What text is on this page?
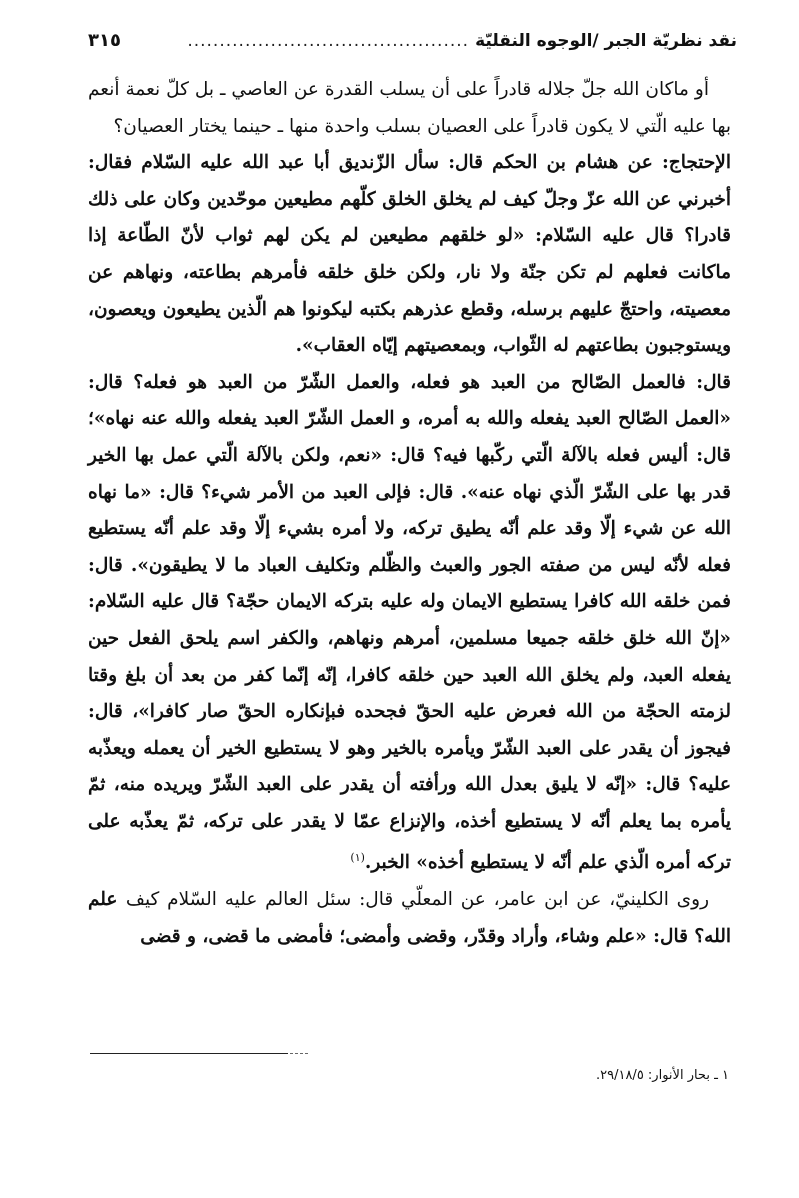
نقد نظريّة الجبر /الوجوه النقليّة
............................................
٣١٥

أو ماكان الله جلّ جلاله قادراً على أن يسلب القدرة عن العاصي ـ بل كلّ نعمة أنعم بها عليه الّتي لا يكون قادراً على العصيان بسلب واحدة منها ـ حينما يختار العصيان؟

الإحتجاج: عن هشام بن الحكم قال: سأل الزّنديق أبا عبد الله عليه السّلام فقال: أخبرني عن الله عزّ وجلّ كيف لم يخلق الخلق كلّهم مطيعين موحّدين وكان على ذلك قادرا؟ قال عليه السّلام: «لو خلقهم مطيعين لم يكن لهم ثواب لأنّ الطّاعة إذا ماكانت فعلهم لم تكن جنّة ولا نار، ولكن خلق خلقه فأمرهم بطاعته، ونهاهم عن معصيته، واحتجّ عليهم برسله، وقطع عذرهم بكتبه ليكونوا هم الّذين يطيعون ويعصون، ويستوجبون بطاعتهم له الثّواب، وبمعصيتهم إيّاه العقاب».

قال: فالعمل الصّالح من العبد هو فعله، والعمل الشّرّ من العبد هو فعله؟ قال: «العمل الصّالح العبد يفعله والله به أمره، و العمل الشّرّ العبد يفعله والله عنه نهاه»؛ قال: أليس فعله بالآلة الّتي ركّبها فيه؟ قال: «نعم، ولكن بالآلة الّتي عمل بها الخير قدر بها على الشّرّ الّذي نهاه عنه». قال: فإلى العبد من الأمر شيء؟ قال: «ما نهاه الله عن شيء إلّا وقد علم أنّه يطيق تركه، ولا أمره بشيء إلّا وقد علم أنّه يستطيع فعله لأنّه ليس من صفته الجور والعبث والظّلم وتكليف العباد ما لا يطيقون». قال: فمن خلقه الله كافرا يستطيع الايمان وله عليه بتركه الايمان حجّة؟ قال عليه السّلام: «إنّ الله خلق خلقه جميعا مسلمين، أمرهم ونهاهم، والكفر اسم يلحق الفعل حين يفعله العبد، ولم يخلق الله العبد حين خلقه كافرا، إنّه إنّما كفر من بعد أن بلغ وقتا لزمته الحجّة من الله فعرض عليه الحقّ فجحده فبإنكاره الحقّ صار كافرا»، قال: فيجوز أن يقدر على العبد الشّرّ ويأمره بالخير وهو لا يستطيع الخير أن يعمله ويعذّبه عليه؟ قال: «إنّه لا يليق بعدل الله ورأفته أن يقدر على العبد الشّرّ ويريده منه، ثمّ يأمره بما يعلم أنّه لا يستطيع أخذه، والإنزاع عمّا لا يقدر على تركه، ثمّ يعذّبه على تركه أمره الّذي علم أنّه لا يستطيع أخذه» الخبر.$^{(١)}$

روى الكلينيّ، عن ابن عامر، عن المعلّي قال: سئل العالم عليه السّلام كيف علم الله؟ قال: «علم وشاء، وأراد وقدّر، وقضى وأمضى؛ فأمضى ما قضى، و قضى

١ ـ بحار الأنوار: ٢٩/١٨/٥.
